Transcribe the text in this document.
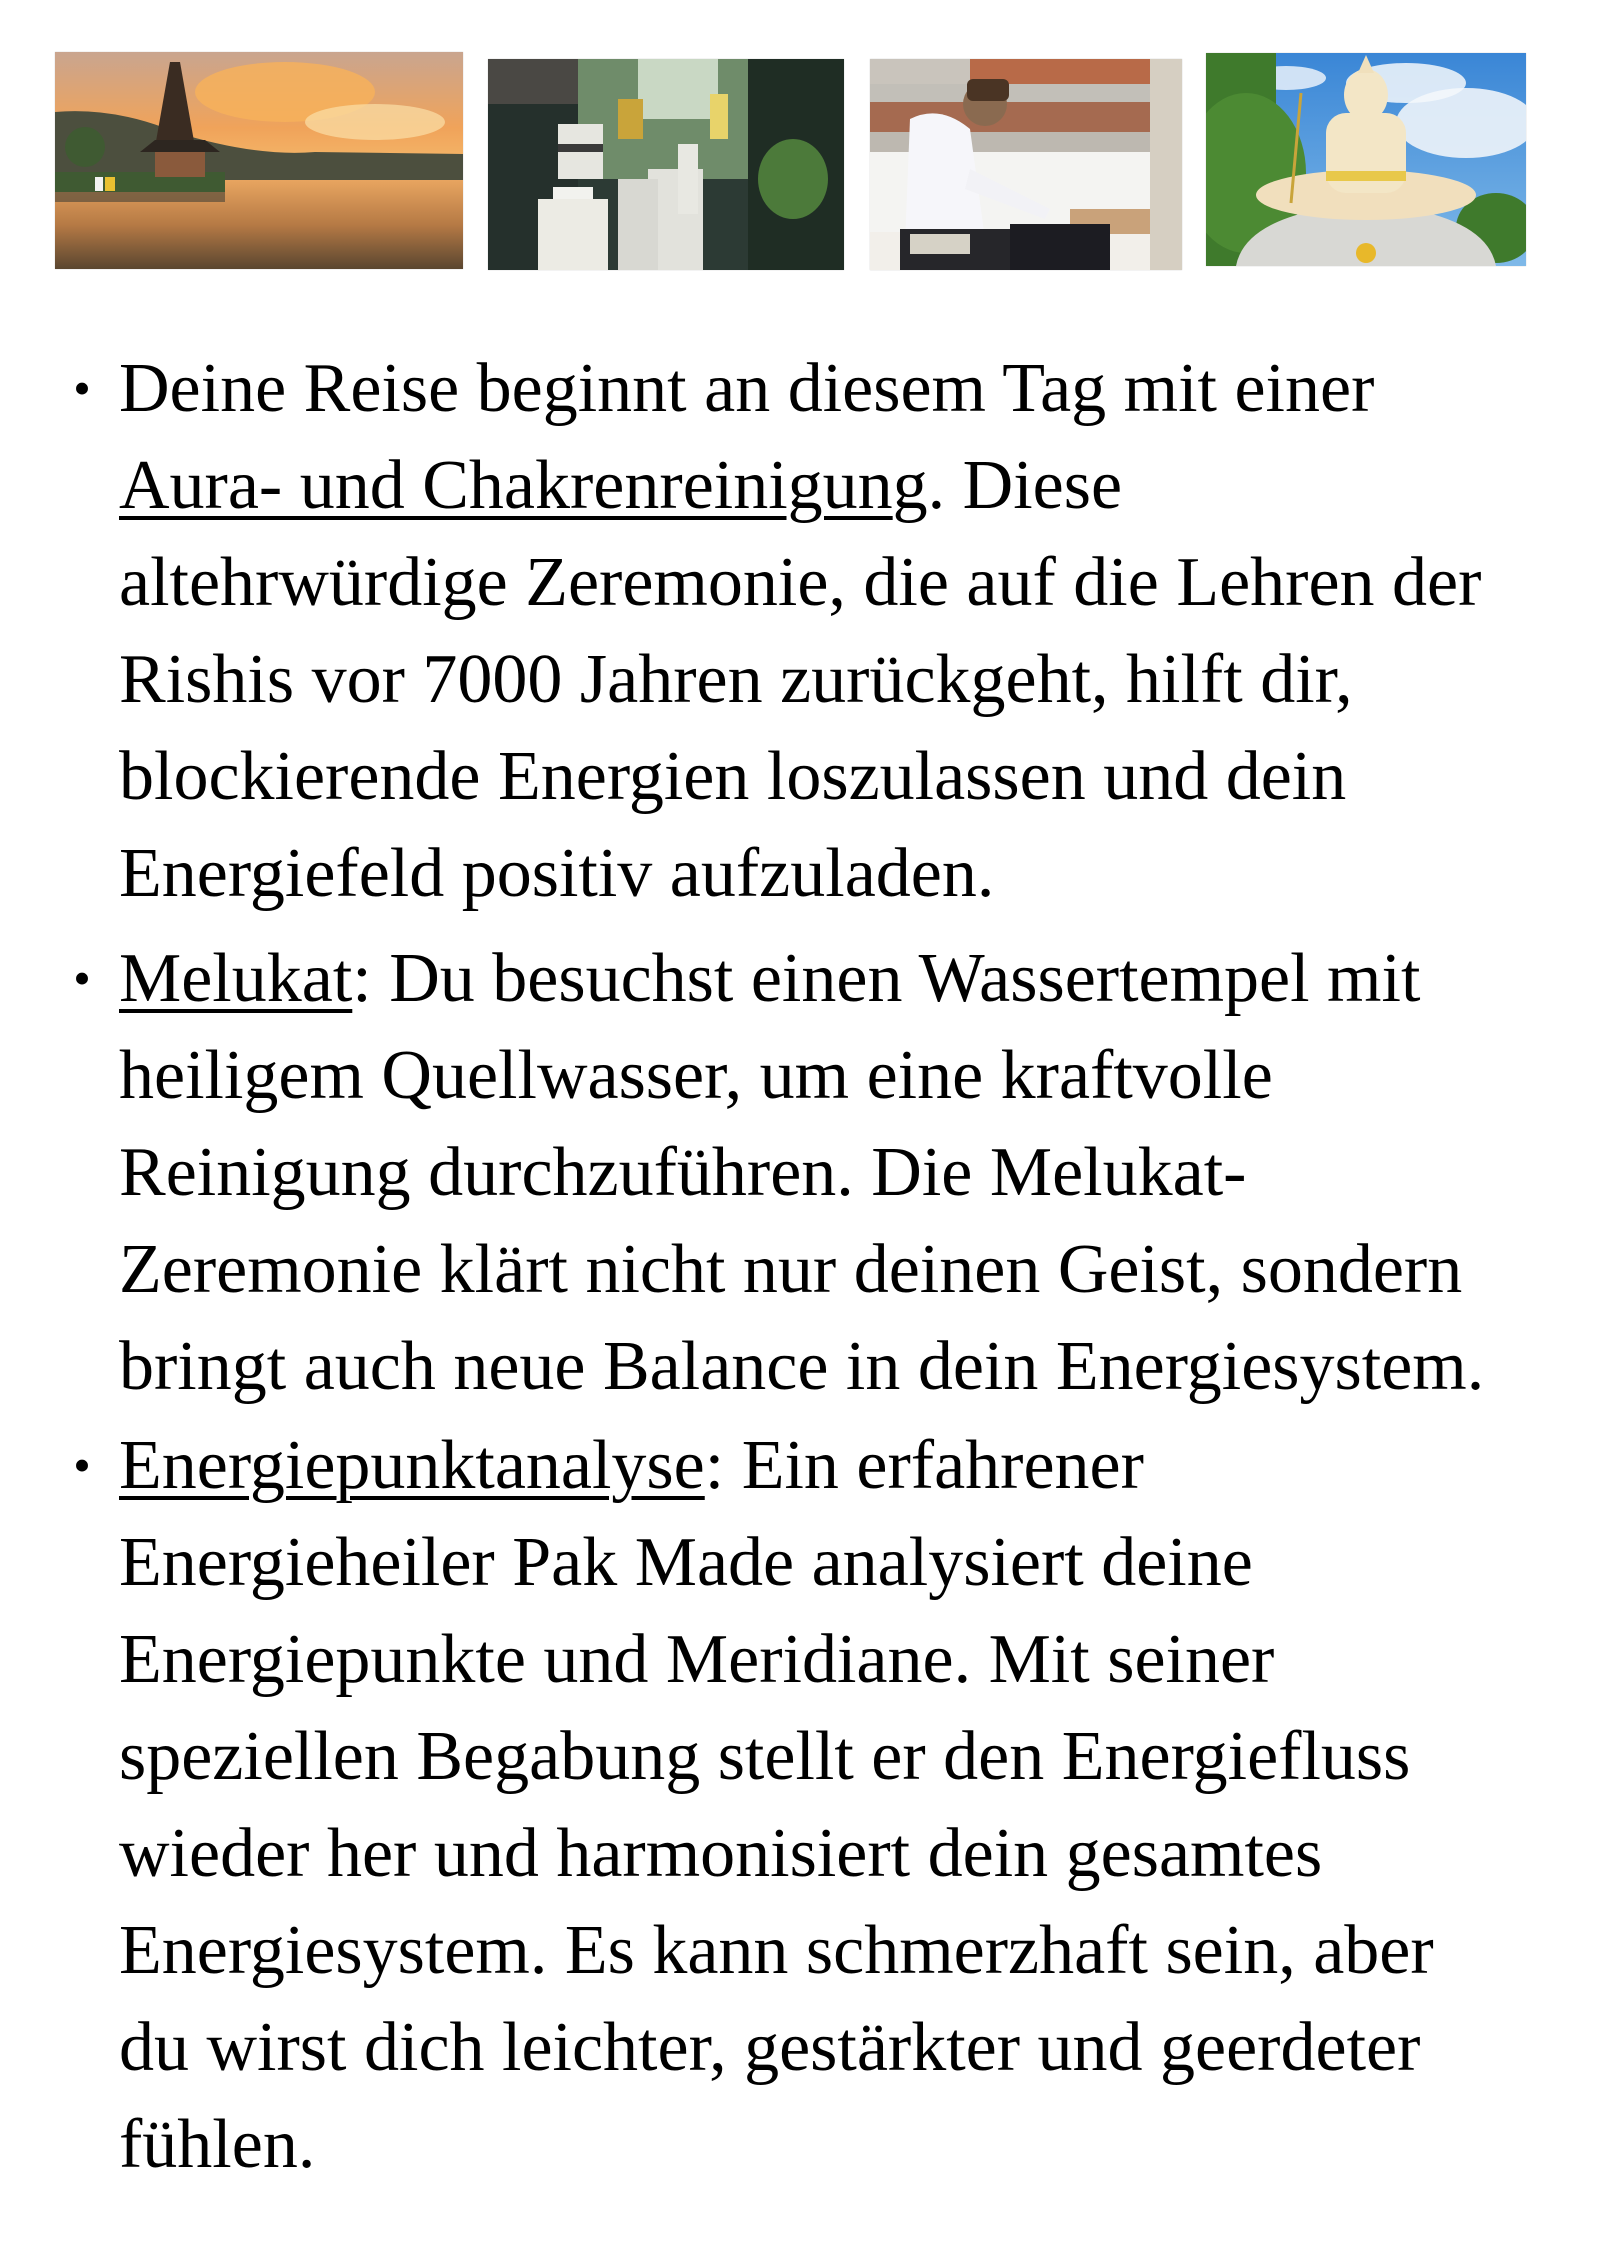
• Deine Reise beginnt an diesem Tag mit einer
Aura- und Chakrenreinigung. Diese
altehrwürdige Zeremonie, die auf die Lehren der
Rishis vor 7000 Jahren zurückgeht, hilft dir,
blockierende Energien loszulassen und dein
Energiefeld positiv aufzuladen.
• Melukat: Du besuchst einen Wassertempel mit
heiligem Quellwasser, um eine kraftvolle
Reinigung durchzuführen. Die Melukat-
Zeremonie klärt nicht nur deinen Geist, sondern
bringt auch neue Balance in dein Energiesystem.
• Energiepunktanalyse: Ein erfahrener
Energieheiler Pak Made analysiert deine
Energiepunkte und Meridiane. Mit seiner
speziellen Begabung stellt er den Energiefluss
wieder her und harmonisiert dein gesamtes
Energiesystem. Es kann schmerzhaft sein, aber
du wirst dich leichter, gestärkter und geerdeter
fühlen.
